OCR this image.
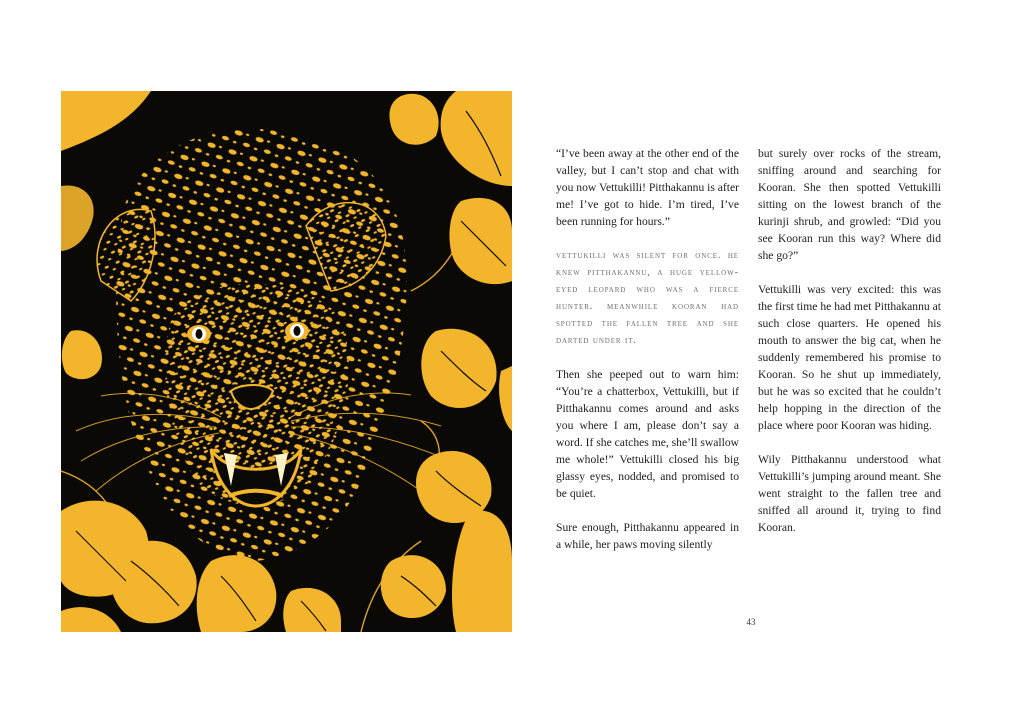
“I’ve been away at the other end of the valley, but I can’t stop and chat with you now Vettukilli! Pitthakannu is after me! I’ve got to hide. I’m tired, I’ve been running for hours.”

vettukilli was silent for once. he knew pitthakannu, a huge yellow-eyed leopard who was a fierce hunter. meanwhile kooran had spotted the fallen tree and she darted under it.

Then she peeped out to warn him: “You’re a chatterbox, Vettukilli, but if Pitthakannu comes around and asks you where I am, please don’t say a word. If she catches me, she’ll swallow me whole!” Vettukilli closed his big glassy eyes, nodded, and promised to be quiet.

Sure enough, Pitthakannu appeared in a while, her paws moving silently

but surely over rocks of the stream, sniffing around and searching for Kooran. She then spotted Vettukilli sitting on the lowest branch of the kurinji shrub, and growled: “Did you see Kooran run this way? Where did she go?”

Vettukilli was very excited: this was the first time he had met Pitthakannu at such close quarters. He opened his mouth to answer the big cat, when he suddenly remembered his promise to Kooran. So he shut up immediately, but he was so excited that he couldn’t help hopping in the direction of the place where poor Kooran was hiding.

Wily Pitthakannu understood what Vettukilli’s jumping around meant. She went straight to the fallen tree and sniffed all around it, trying to find Kooran.

43
